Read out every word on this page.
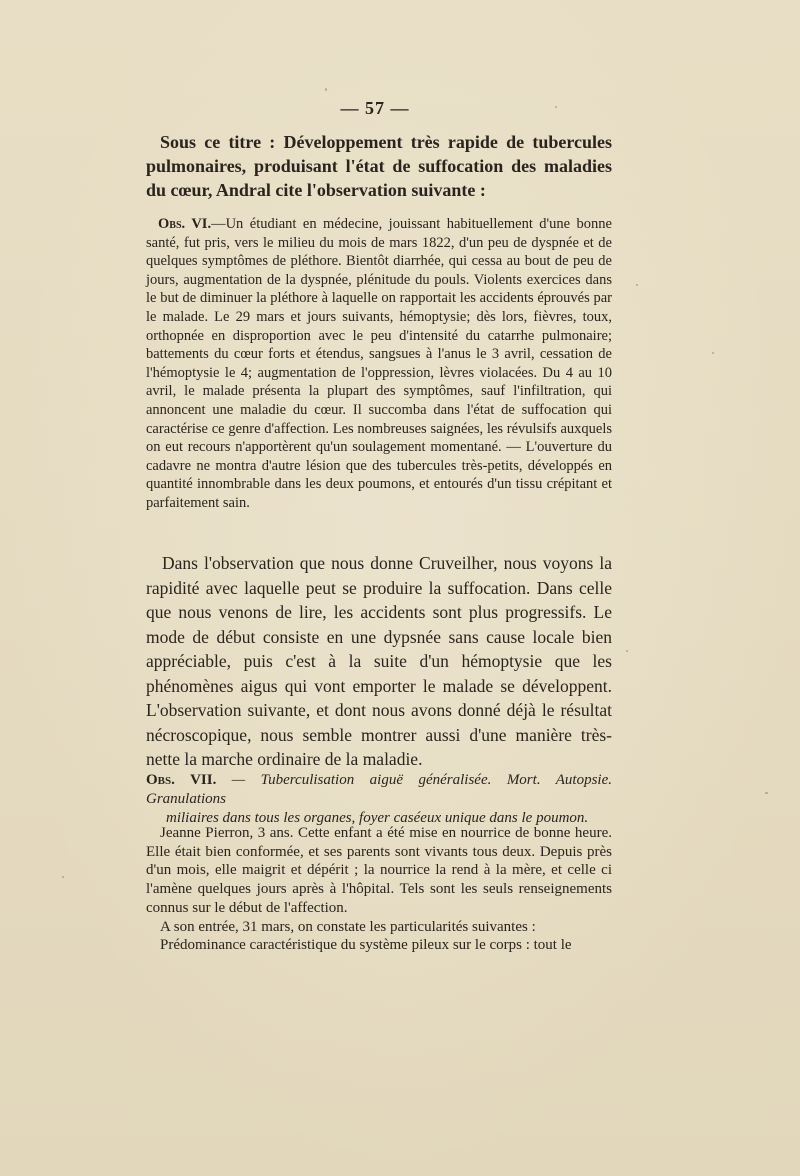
— 57 —

Sous ce titre : Développement très rapide de tubercules pulmonaires, produisant l'état de suffocation des maladies du cœur, Andral cite l'observation suivante :

Obs. VI.—Un étudiant en médecine, jouissant habituellement d'une bonne santé, fut pris, vers le milieu du mois de mars 1822, d'un peu de dyspnée et de quelques symptômes de pléthore. Bientôt diarrhée, qui cessa au bout de peu de jours, augmentation de la dyspnée, plénitude du pouls. Violents exercices dans le but de diminuer la pléthore à laquelle on rapportait les accidents éprouvés par le malade. Le 29 mars et jours suivants, hémoptysie; dès lors, fièvres, toux, orthopnée en disproportion avec le peu d'intensité du catarrhe pulmonaire; battements du cœur forts et étendus, sangsues à l'anus le 3 avril, cessation de l'hémoptysie le 4; augmentation de l'oppression, lèvres violacées. Du 4 au 10 avril, le malade présenta la plupart des symptômes, sauf l'infiltration, qui annoncent une maladie du cœur. Il succomba dans l'état de suffocation qui caractérise ce genre d'affection. Les nombreuses saignées, les révulsifs auxquels on eut recours n'apportèrent qu'un soulagement momentané. — L'ouverture du cadavre ne montra d'autre lésion que des tubercules très-petits, développés en quantité innombrable dans les deux poumons, et entourés d'un tissu crépitant et parfaitement sain.

Dans l'observation que nous donne Cruveilher, nous voyons la rapidité avec laquelle peut se produire la suffocation. Dans celle que nous venons de lire, les accidents sont plus progressifs. Le mode de début consiste en une dypsnée sans cause locale bien appréciable, puis c'est à la suite d'un hémoptysie que les phénomènes aigus qui vont emporter le malade se développent. L'observation suivante, et dont nous avons donné déjà le résultat nécroscopique, nous semble montrer aussi d'une manière très-nette la marche ordinaire de la maladie.

Obs. VII. — Tuberculisation aiguë généralisée. Mort. Autopsie. Granulations
miliaires dans tous les organes, foyer caséeux unique dans le poumon.

Jeanne Pierron, 3 ans. Cette enfant a été mise en nourrice de bonne heure. Elle était bien conformée, et ses parents sont vivants tous deux. Depuis près d'un mois, elle maigrit et dépérit ; la nourrice la rend à la mère, et celle ci l'amène quelques jours après à l'hôpital. Tels sont les seuls renseignements connus sur le début de l'affection.

A son entrée, 31 mars, on constate les particularités suivantes :

Prédominance caractéristique du système pileux sur le corps : tout le
